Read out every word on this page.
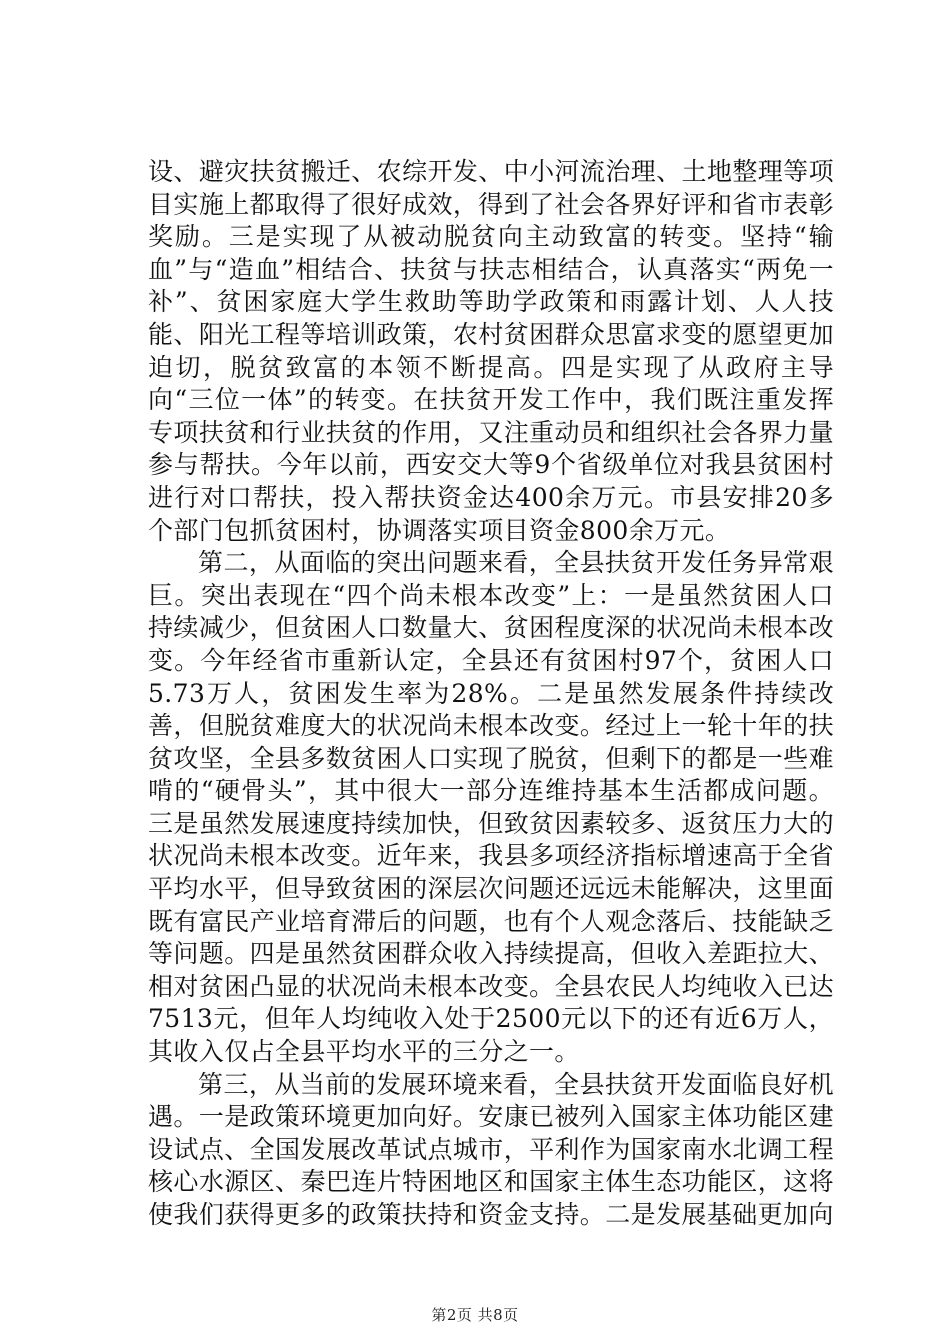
设、避灾扶贫搬迁、农综开发、中小河流治理、土地整理等项目实施上都取得了很好成效，得到了社会各界好评和省市表彰奖励。三是实现了从被动脱贫向主动致富的转变。坚持“输血”与“造血”相结合、扶贫与扶志相结合，认真落实“两免一补”、贫困家庭大学生救助等助学政策和雨露计划、人人技能、阳光工程等培训政策，农村贫困群众思富求变的愿望更加迫切，脱贫致富的本领不断提高。四是实现了从政府主导向“三位一体”的转变。在扶贫开发工作中，我们既注重发挥专项扶贫和行业扶贫的作用，又注重动员和组织社会各界力量参与帮扶。今年以前，西安交大等9个省级单位对我县贫困村进行对口帮扶，投入帮扶资金达400余万元。市县安排20多个部门包抓贫困村，协调落实项目资金800余万元。

第二，从面临的突出问题来看，全县扶贫开发任务异常艰巨。突出表现在“四个尚未根本改变”上：一是虽然贫困人口持续减少，但贫困人口数量大、贫困程度深的状况尚未根本改变。今年经省市重新认定，全县还有贫困村97个，贫困人口5.73万人，贫困发生率为28%。二是虽然发展条件持续改善，但脱贫难度大的状况尚未根本改变。经过上一轮十年的扶贫攻坚，全县多数贫困人口实现了脱贫，但剩下的都是一些难啃的“硬骨头”，其中很大一部分连维持基本生活都成问题。三是虽然发展速度持续加快，但致贫因素较多、返贫压力大的状况尚未根本改变。近年来，我县多项经济指标增速高于全省平均水平，但导致贫困的深层次问题还远远未能解决，这里面既有富民产业培育滞后的问题，也有个人观念落后、技能缺乏等问题。四是虽然贫困群众收入持续提高，但收入差距拉大、相对贫困凸显的状况尚未根本改变。全县农民人均纯收入已达7513元，但年人均纯收入处于2500元以下的还有近6万人，其收入仅占全县平均水平的三分之一。

第三，从当前的发展环境来看，全县扶贫开发面临良好机遇。一是政策环境更加向好。安康已被列入国家主体功能区建设试点、全国发展改革试点城市，平利作为国家南水北调工程核心水源区、秦巴连片特困地区和国家主体生态功能区，这将使我们获得更多的政策扶持和资金支持。二是发展基础更加向

第2页 共8页
